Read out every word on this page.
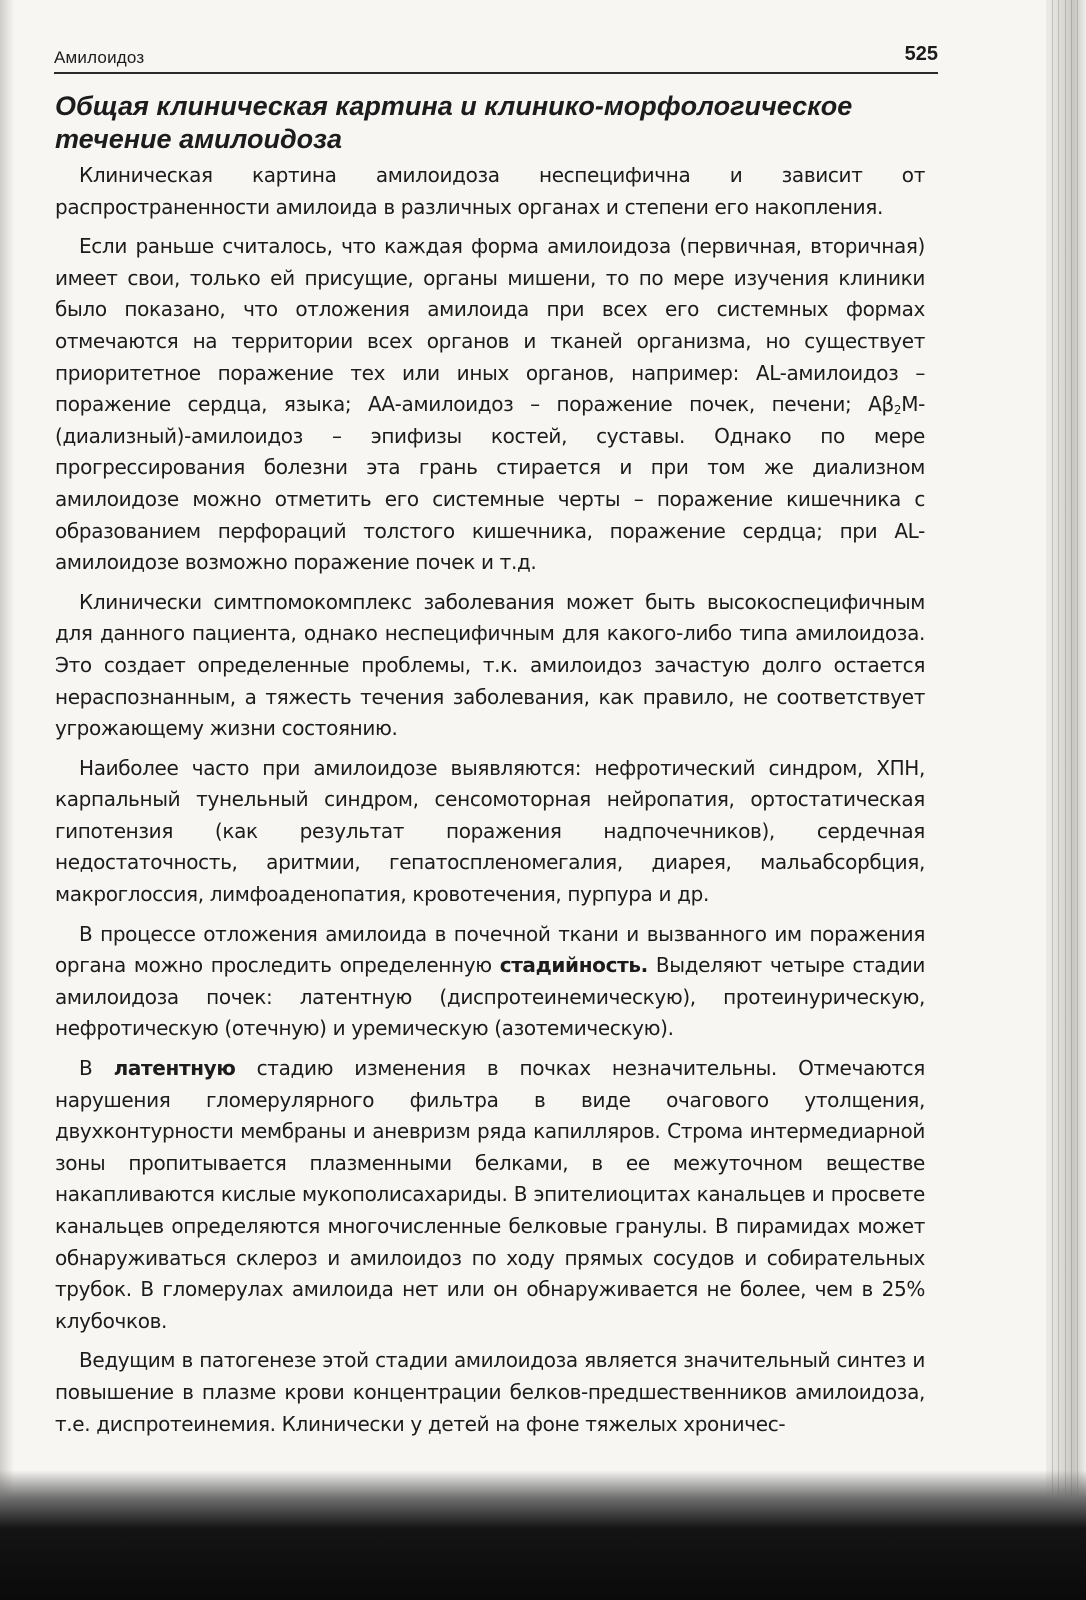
Амилоидоз	525
Общая клиническая картина и клинико-морфологическое течение амилоидоза

Клиническая картина амилоидоза неспецифична и зависит от распространенности амилоида в различных органах и степени его накопления.

Если раньше считалось, что каждая форма амилоидоза (первичная, вторичная) имеет свои, только ей присущие, органы мишени, то по мере изучения клиники было показано, что отложения амилоида при всех его системных формах отмечаются на территории всех органов и тканей организма, но существует приоритетное поражение тех или иных органов, например: AL-амилоидоз – поражение сердца, языка; АА-амилоидоз – поражение почек, печени; $А\beta_2М-(диализный)$-амилоидоз – эпифизы костей, суставы. Однако по мере прогрессирования болезни эта грань стирается и при том же диализном амилоидозе можно отметить его системные черты – поражение кишечника с образованием перфораций толстого кишечника, поражение сердца; при AL-амилоидозе возможно поражение почек и т.д.

Клинически симтпомокомплекс заболевания может быть высокоспецифичным для данного пациента, однако неспецифичным для какого-либо типа амилоидоза. Это создает определенные проблемы, т.к. амилоидоз зачастую долго остается нераспознанным, а тяжесть течения заболевания, как правило, не соответствует угрожающему жизни состоянию.

Наиболее часто при амилоидозе выявляются: нефротический синдром, ХПН, карпальный тунельный синдром, сенсомоторная нейропатия, ортостатическая гипотензия (как результат поражения надпочечников), сердечная недостаточность, аритмии, гепатоспленомегалия, диарея, мальабсорбция, макроглоссия, лимфоаденопатия, кровотечения, пурпура и др.

В процессе отложения амилоида в почечной ткани и вызванного им поражения органа можно проследить определенную стадийность. Выделяют четыре стадии амилоидоза почек: латентную (диспротеинемическую), протеинурическую, нефротическую (отечную) и уремическую (азотемическую).

В латентную стадию изменения в почках незначительны. Отмечаются нарушения гломерулярного фильтра в виде очагового утолщения, двухконтурности мембраны и аневризм ряда капилляров. Строма интермедиарной зоны пропитывается плазменными белками, в ее межуточном веществе накапливаются кислые мукополисахариды. В эпителиоцитах канальцев и просвете канальцев определяются многочисленные белковые гранулы. В пирамидах может обнаруживаться склероз и амилоидоз по ходу прямых сосудов и собирательных трубок. В гломерулах амилоида нет или он обнаруживается не более, чем в 25% клубочков.

Ведущим в патогенезе этой стадии амилоидоза является значительный синтез и повышение в плазме крови концентрации белков-предшественников амилоидоза, т.е. диспротеинемия. Клинически у детей на фоне тяжелых хроничес-
